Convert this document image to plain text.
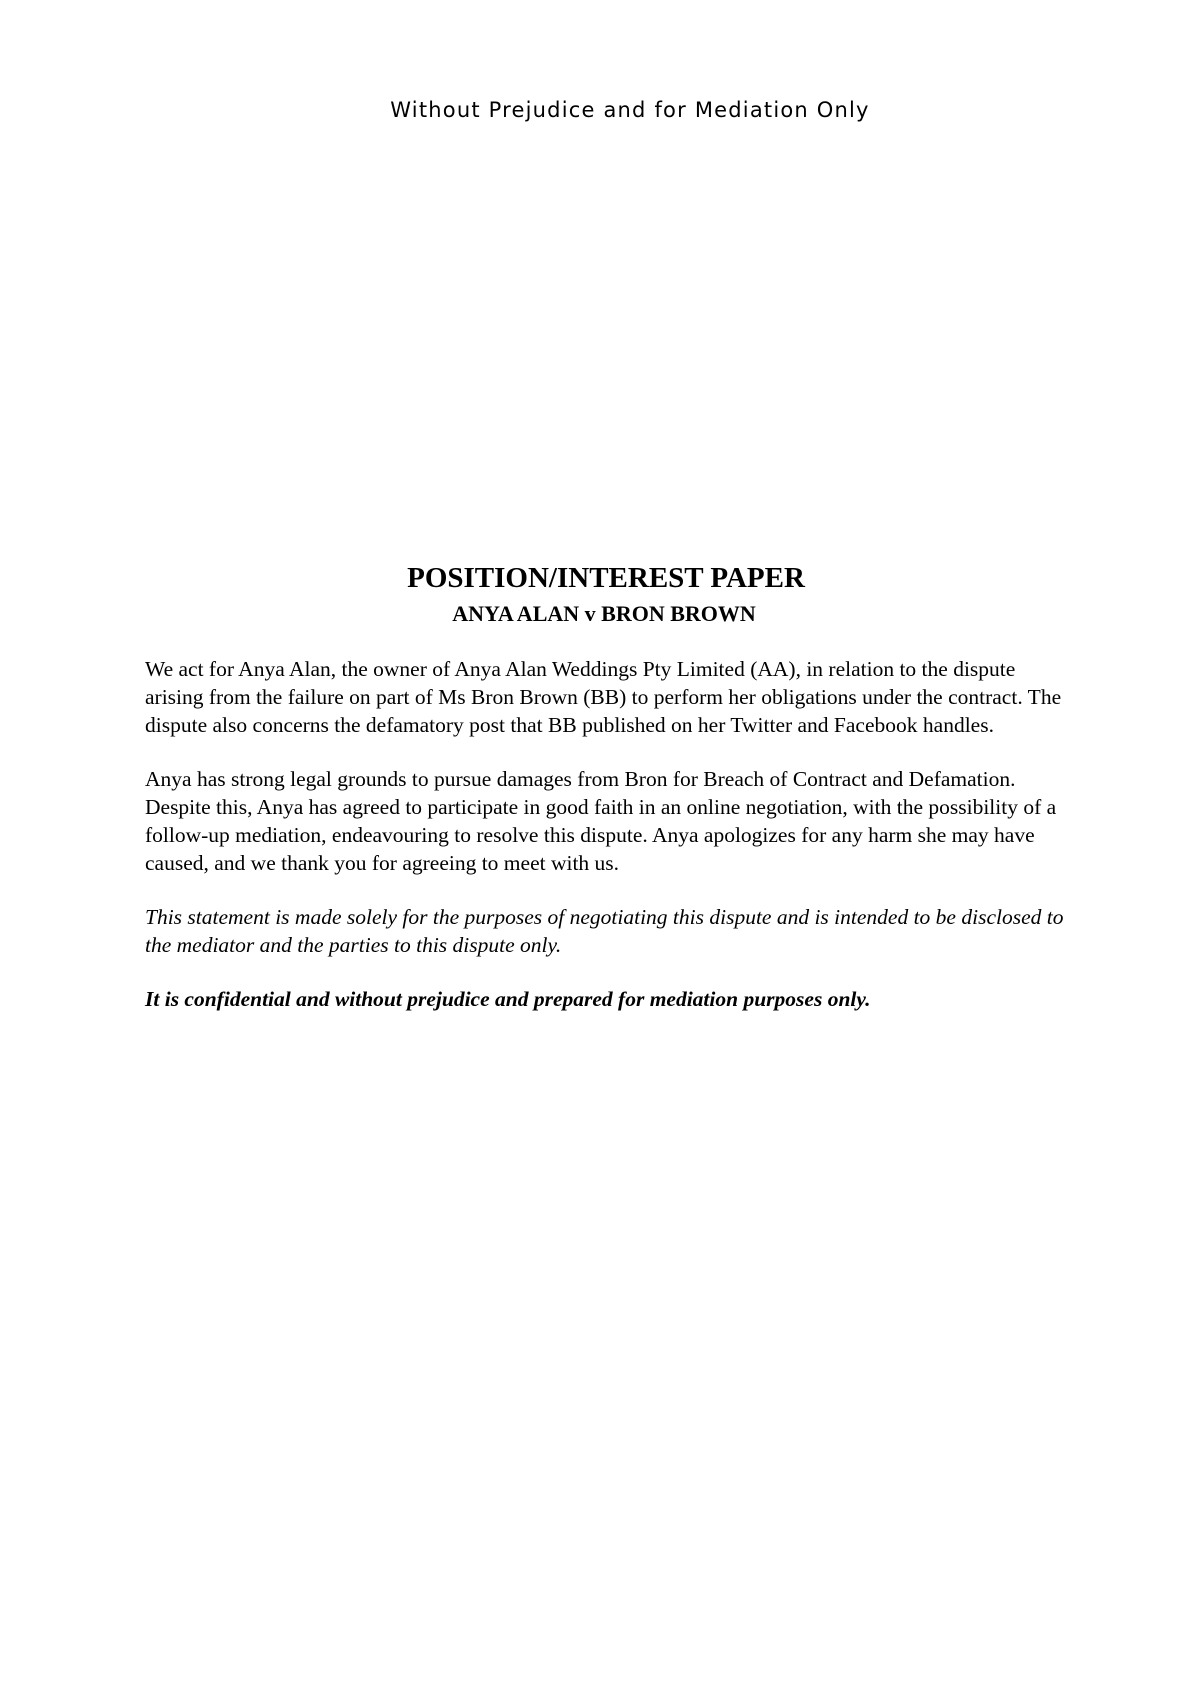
Without Prejudice and for Mediation Only
POSITION/INTEREST PAPER
ANYA ALAN v BRON BROWN

We act for Anya Alan, the owner of Anya Alan Weddings Pty Limited (AA), in relation to the dispute arising from the failure on part of Ms Bron Brown (BB) to perform her obligations under the contract. The dispute also concerns the defamatory post that BB published on her Twitter and Facebook handles.

Anya has strong legal grounds to pursue damages from Bron for Breach of Contract and Defamation. Despite this, Anya has agreed to participate in good faith in an online negotiation, with the possibility of a follow-up mediation, endeavouring to resolve this dispute. Anya apologizes for any harm she may have caused, and we thank you for agreeing to meet with us.

This statement is made solely for the purposes of negotiating this dispute and is intended to be disclosed to the mediator and the parties to this dispute only.

It is confidential and without prejudice and prepared for mediation purposes only.
